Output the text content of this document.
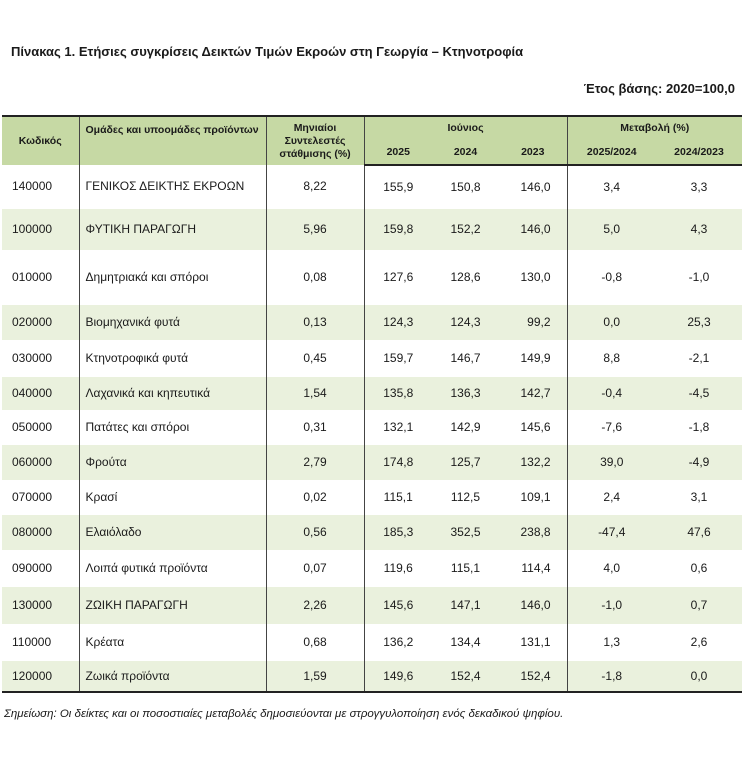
Πίνακας 1. Ετήσιες συγκρίσεις Δεικτών Τιμών Εκροών στη Γεωργία – Κτηνοτροφία
Έτος βάσης: 2020=100,0
Κωδικός	Ομάδες και υποομάδες προϊόντων	Μηνιαίοι Συντελεστές στάθμισης (%)	Ιούνιος			Μεταβολή (%)	
			2025	2024	2023	2025/2024	2024/2023
140000	ΓΕΝΙΚΟΣ ΔΕΙΚΤΗΣ ΕΚΡΟΩΝ	8,22	155,9	150,8	146,0	3,4	3,3
100000	ΦΥΤΙΚΗ ΠΑΡΑΓΩΓΗ	5,96	159,8	152,2	146,0	5,0	4,3
010000	Δημητριακά και σπόροι	0,08	127,6	128,6	130,0	-0,8	-1,0
020000	Βιομηχανικά φυτά	0,13	124,3	124,3	99,2	0,0	25,3
030000	Κτηνοτροφικά φυτά	0,45	159,7	146,7	149,9	8,8	-2,1
040000	Λαχανικά και κηπευτικά	1,54	135,8	136,3	142,7	-0,4	-4,5
050000	Πατάτες και σπόροι	0,31	132,1	142,9	145,6	-7,6	-1,8
060000	Φρούτα	2,79	174,8	125,7	132,2	39,0	-4,9
070000	Κρασί	0,02	115,1	112,5	109,1	2,4	3,1
080000	Ελαιόλαδο	0,56	185,3	352,5	238,8	-47,4	47,6
090000	Λοιπά φυτικά προϊόντα	0,07	119,6	115,1	114,4	4,0	0,6
130000	ΖΩΙΚΗ ΠΑΡΑΓΩΓΗ	2,26	145,6	147,1	146,0	-1,0	0,7
110000	Κρέατα	0,68	136,2	134,4	131,1	1,3	2,6
120000	Ζωικά προϊόντα	1,59	149,6	152,4	152,4	-1,8	0,0
Σημείωση: Οι δείκτες και οι ποσοστιαίες μεταβολές δημοσιεύονται με στρογγυλοποίηση ενός δεκαδικού ψηφίου.
